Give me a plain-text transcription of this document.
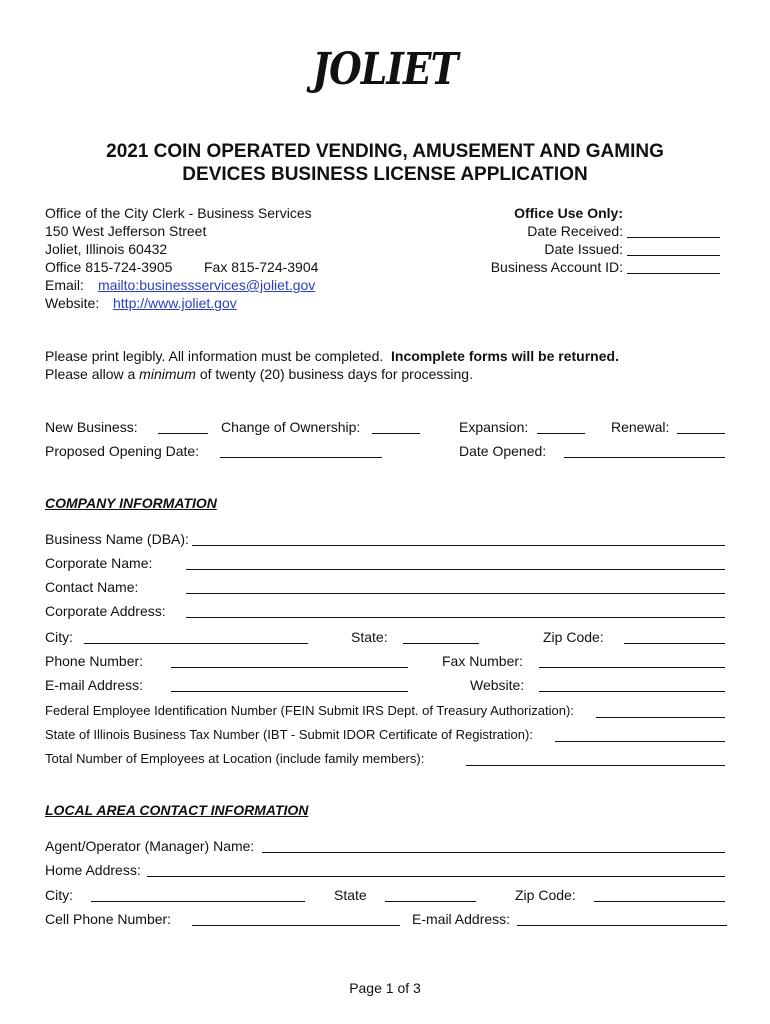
JOLIET
2021 COIN OPERATED VENDING, AMUSEMENT AND GAMING
DEVICES BUSINESS LICENSE APPLICATION
Office of the City Clerk - Business Services
150 West Jefferson Street
Joliet, Illinois 60432
Office 815-724-3905 Fax 815-724-3904
Email: mailto:businessservices@joliet.gov
Website: http://www.joliet.gov
Office Use Only:
Date Received:
Date Issued:
Business Account ID:
Please print legibly. All information must be completed. Incomplete forms will be returned.
Please allow a minimum of twenty (20) business days for processing.
New Business:	Change of Ownership:	Expansion:	Renewal:
Proposed Opening Date:	Date Opened:
COMPANY INFORMATION
Business Name (DBA):
Corporate Name:
Contact Name:
Corporate Address:
City:	State:	Zip Code:
Phone Number:	Fax Number:
E-mail Address:	Website:
Federal Employee Identification Number (FEIN Submit IRS Dept. of Treasury Authorization):
State of Illinois Business Tax Number (IBT - Submit IDOR Certificate of Registration):
Total Number of Employees at Location (include family members):
LOCAL AREA CONTACT INFORMATION
Agent/Operator (Manager) Name:
Home Address:
City:	State	Zip Code:
Cell Phone Number:	E-mail Address:
Page 1 of 3
